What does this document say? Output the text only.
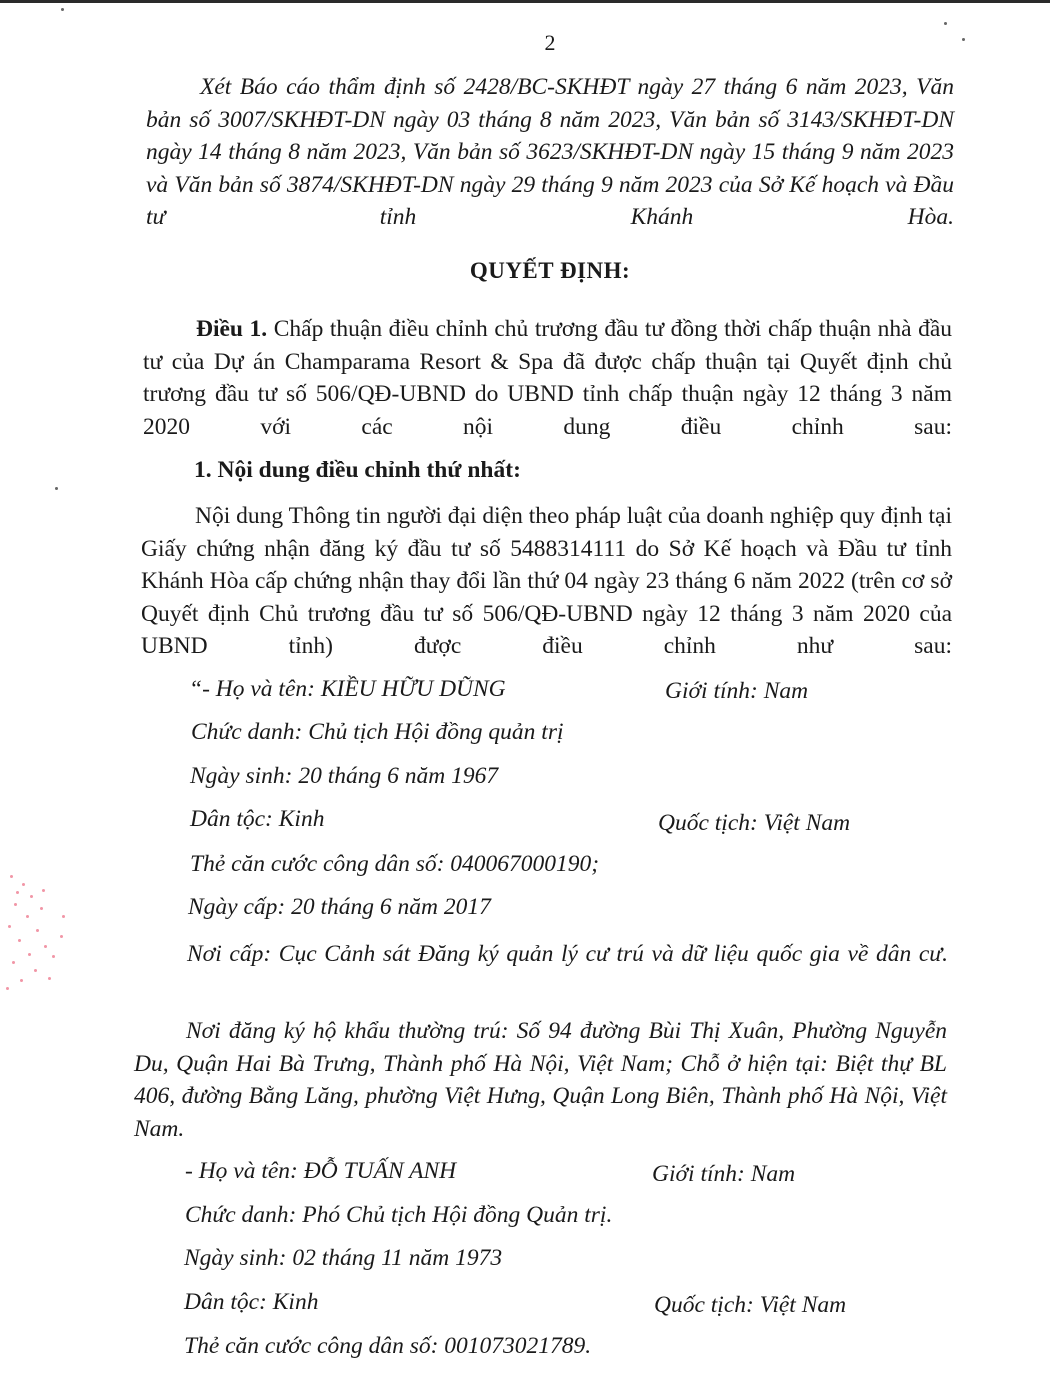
2

Xét Báo cáo thẩm định số 2428/BC-SKHĐT ngày 27 tháng 6 năm 2023, Văn bản số 3007/SKHĐT-DN ngày 03 tháng 8 năm 2023, Văn bản số 3143/SKHĐT-DN ngày 14 tháng 8 năm 2023, Văn bản số 3623/SKHĐT-DN ngày 15 tháng 9 năm 2023 và Văn bản số 3874/SKHĐT-DN ngày 29 tháng 9 năm 2023 của Sở Kế hoạch và Đầu tư tỉnh Khánh Hòa.

QUYẾT ĐỊNH:

Điều 1. Chấp thuận điều chỉnh chủ trương đầu tư đồng thời chấp thuận nhà đầu tư của Dự án Champarama Resort & Spa đã được chấp thuận tại Quyết định chủ trương đầu tư số 506/QĐ-UBND do UBND tỉnh chấp thuận ngày 12 tháng 3 năm 2020 với các nội dung điều chỉnh sau:

1. Nội dung điều chỉnh thứ nhất:

Nội dung Thông tin người đại diện theo pháp luật của doanh nghiệp quy định tại Giấy chứng nhận đăng ký đầu tư số 5488314111 do Sở Kế hoạch và Đầu tư tỉnh Khánh Hòa cấp chứng nhận thay đổi lần thứ 04 ngày 23 tháng 6 năm 2022 (trên cơ sở Quyết định Chủ trương đầu tư số 506/QĐ-UBND ngày 12 tháng 3 năm 2020 của UBND tỉnh) được điều chỉnh như sau:

“- Họ và tên: KIỀU HỮU DŨNG	Giới tính: Nam
Chức danh: Chủ tịch Hội đồng quản trị
Ngày sinh: 20 tháng 6 năm 1967
Dân tộc: Kinh	Quốc tịch: Việt Nam
Thẻ căn cước công dân số: 040067000190;
Ngày cấp: 20 tháng 6 năm 2017

Nơi cấp: Cục Cảnh sát Đăng ký quản lý cư trú và dữ liệu quốc gia về dân cư.

Nơi đăng ký hộ khẩu thường trú: Số 94 đường Bùi Thị Xuân, Phường Nguyễn Du, Quận Hai Bà Trưng, Thành phố Hà Nội, Việt Nam; Chỗ ở hiện tại: Biệt thự BL 406, đường Bằng Lăng, phường Việt Hưng, Quận Long Biên, Thành phố Hà Nội, Việt Nam.

- Họ và tên: ĐỖ TUẤN ANH	Giới tính: Nam
Chức danh: Phó Chủ tịch Hội đồng Quản trị.
Ngày sinh: 02 tháng 11 năm 1973
Dân tộc: Kinh	Quốc tịch: Việt Nam
Thẻ căn cước công dân số: 001073021789.
